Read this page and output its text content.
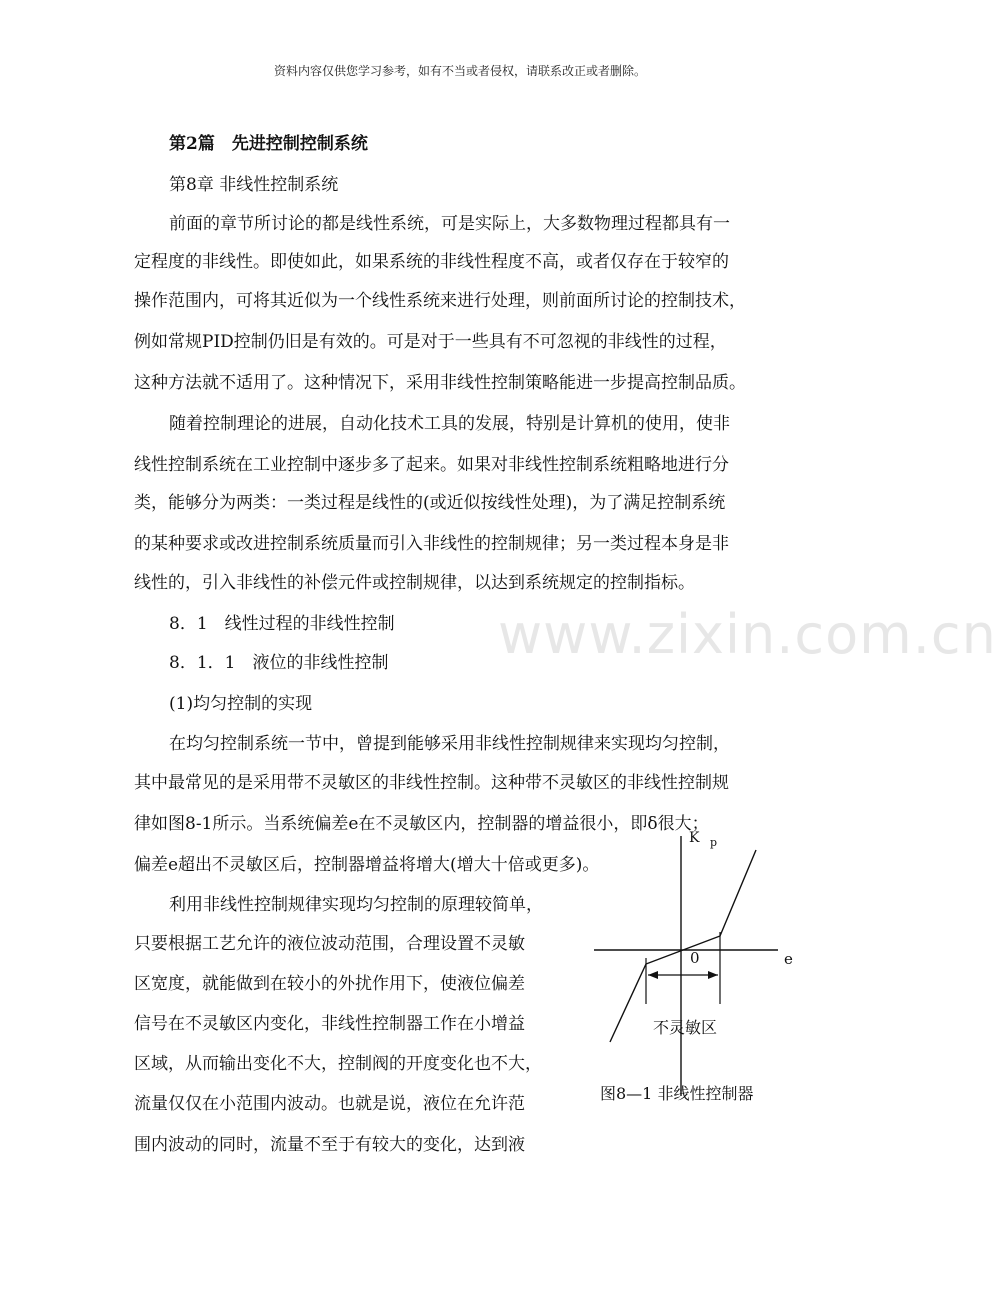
资料内容仅供您学习参考，如有不当或者侵权，请联系改正或者删除。
www.zixin.com.cn
第2篇　先进控制控制系统
第8章 非线性控制系统
前面的章节所讨论的都是线性系统，可是实际上，大多数物理过程都具有一
定程度的非线性。即使如此，如果系统的非线性程度不高，或者仅存在于较窄的
操作范围内，可将其近似为一个线性系统来进行处理，则前面所讨论的控制技术，
例如常规PID控制仍旧是有效的。可是对于一些具有不可忽视的非线性的过程，
这种方法就不适用了。这种情况下，采用非线性控制策略能进一步提高控制品质。
随着控制理论的进展，自动化技术工具的发展，特别是计算机的使用，使非
线性控制系统在工业控制中逐步多了起来。如果对非线性控制系统粗略地进行分
类，能够分为两类：一类过程是线性的(或近似按线性处理)，为了满足控制系统
的某种要求或改进控制系统质量而引入非线性的控制规律；另一类过程本身是非
线性的，引入非线性的补偿元件或控制规律，以达到系统规定的控制指标。
8．1　线性过程的非线性控制
8．1．1　液位的非线性控制
(1)均匀控制的实现
在均匀控制系统一节中，曾提到能够采用非线性控制规律来实现均匀控制，
其中最常见的是采用带不灵敏区的非线性控制。这种带不灵敏区的非线性控制规
律如图8-1所示。当系统偏差e在不灵敏区内，控制器的增益很小，即δ很大；
偏差e超出不灵敏区后，控制器增益将增大(增大十倍或更多)。
利用非线性控制规律实现均匀控制的原理较简单，
只要根据工艺允许的液位波动范围，合理设置不灵敏
区宽度，就能做到在较小的外扰作用下，使液位偏差
信号在不灵敏区内变化，非线性控制器工作在小增益
区域，从而输出变化不大，控制阀的开度变化也不大，
流量仅仅在小范围内波动。也就是说，液位在允许范
围内波动的同时，流量不至于有较大的变化，达到液
K p
e
0
不灵敏区
图8—1 非线性控制器
